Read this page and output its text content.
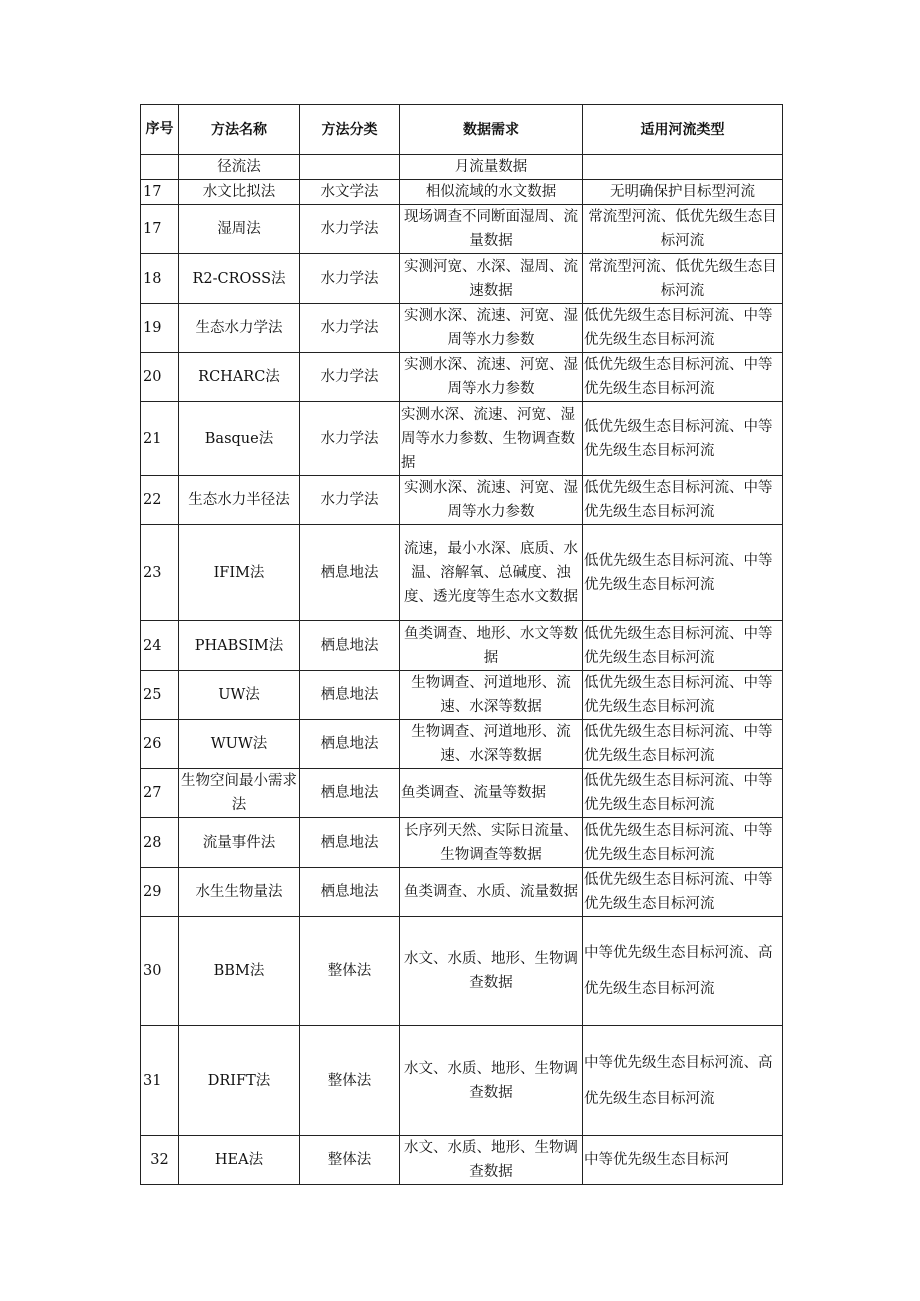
序号	方法名称	方法分类	数据需求	适用河流类型
	径流法		月流量数据	
17	水文比拟法	水文学法	相似流域的水文数据	无明确保护目标型河流
17	湿周法	水力学法	现场调查不同断面湿周、流量数据	常流型河流、低优先级生态目标河流
18	R2-CROSS法	水力学法	实测河宽、水深、湿周、流速数据	常流型河流、低优先级生态目标河流
19	生态水力学法	水力学法	实测水深、流速、河宽、湿周等水力参数	低优先级生态目标河流、中等优先级生态目标河流
20	RCHARC法	水力学法	实测水深、流速、河宽、湿周等水力参数	低优先级生态目标河流、中等优先级生态目标河流
21	Basque法	水力学法	实测水深、流速、河宽、湿周等水力参数、生物调查数据	低优先级生态目标河流、中等优先级生态目标河流
22	生态水力半径法	水力学法	实测水深、流速、河宽、湿周等水力参数	低优先级生态目标河流、中等优先级生态目标河流
23	IFIM法	栖息地法	流速，最小水深、底质、水温、溶解氧、总碱度、浊度、透光度等生态水文数据	低优先级生态目标河流、中等优先级生态目标河流
24	PHABSIM法	栖息地法	鱼类调查、地形、水文等数据	低优先级生态目标河流、中等优先级生态目标河流
25	UW法	栖息地法	生物调查、河道地形、流速、水深等数据	低优先级生态目标河流、中等优先级生态目标河流
26	WUW法	栖息地法	生物调查、河道地形、流速、水深等数据	低优先级生态目标河流、中等优先级生态目标河流
27	生物空间最小需求法	栖息地法	鱼类调查、流量等数据	低优先级生态目标河流、中等优先级生态目标河流
28	流量事件法	栖息地法	长序列天然、实际日流量、生物调查等数据	低优先级生态目标河流、中等优先级生态目标河流
29	水生生物量法	栖息地法	鱼类调查、水质、流量数据	低优先级生态目标河流、中等优先级生态目标河流
30	BBM法	整体法	水文、水质、地形、生物调查数据	中等优先级生态目标河流、高优先级生态目标河流
31	DRIFT法	整体法	水文、水质、地形、生物调查数据	中等优先级生态目标河流、高优先级生态目标河流
32	HEA法	整体法	水文、水质、地形、生物调查数据	中等优先级生态目标河
